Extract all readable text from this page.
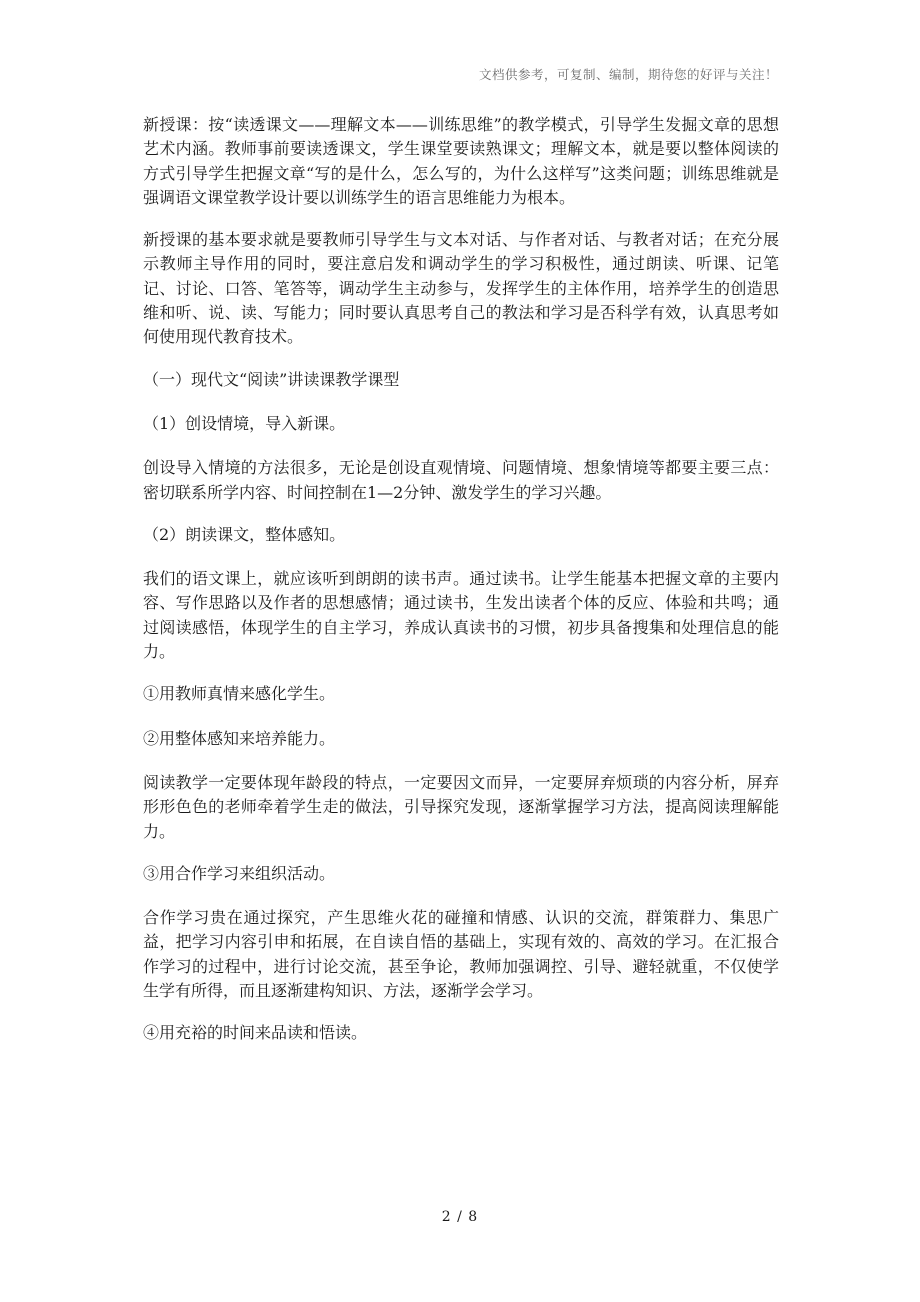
文档供参考，可复制、编制，期待您的好评与关注！

新授课：按“读透课文——理解文本——训练思维”的教学模式，引导学生发掘文章的思想艺术内涵。教师事前要读透课文，学生课堂要读熟课文；理解文本，就是要以整体阅读的方式引导学生把握文章“写的是什么，怎么写的，为什么这样写”这类问题；训练思维就是强调语文课堂教学设计要以训练学生的语言思维能力为根本。

新授课的基本要求就是要教师引导学生与文本对话、与作者对话、与教者对话；在充分展示教师主导作用的同时，要注意启发和调动学生的学习积极性，通过朗读、听课、记笔记、讨论、口答、笔答等，调动学生主动参与，发挥学生的主体作用，培养学生的创造思维和听、说、读、写能力；同时要认真思考自己的教法和学习是否科学有效，认真思考如何使用现代教育技术。

（一）现代文“阅读”讲读课教学课型

（1）创设情境，导入新课。

创设导入情境的方法很多，无论是创设直观情境、问题情境、想象情境等都要主要三点：密切联系所学内容、时间控制在1—2分钟、激发学生的学习兴趣。

（2）朗读课文，整体感知。

我们的语文课上，就应该听到朗朗的读书声。通过读书。让学生能基本把握文章的主要内容、写作思路以及作者的思想感情；通过读书，生发出读者个体的反应、体验和共鸣；通过阅读感悟，体现学生的自主学习，养成认真读书的习惯，初步具备搜集和处理信息的能力。

①用教师真情来感化学生。

②用整体感知来培养能力。

阅读教学一定要体现年龄段的特点，一定要因文而异，一定要屏弃烦琐的内容分析，屏弃形形色色的老师牵着学生走的做法，引导探究发现，逐渐掌握学习方法，提高阅读理解能力。

③用合作学习来组织活动。

合作学习贵在通过探究，产生思维火花的碰撞和情感、认识的交流，群策群力、集思广益，把学习内容引申和拓展，在自读自悟的基础上，实现有效的、高效的学习。在汇报合作学习的过程中，进行讨论交流，甚至争论，教师加强调控、引导、避轻就重，不仅使学生学有所得，而且逐渐建构知识、方法，逐渐学会学习。

④用充裕的时间来品读和悟读。

2 / 8
